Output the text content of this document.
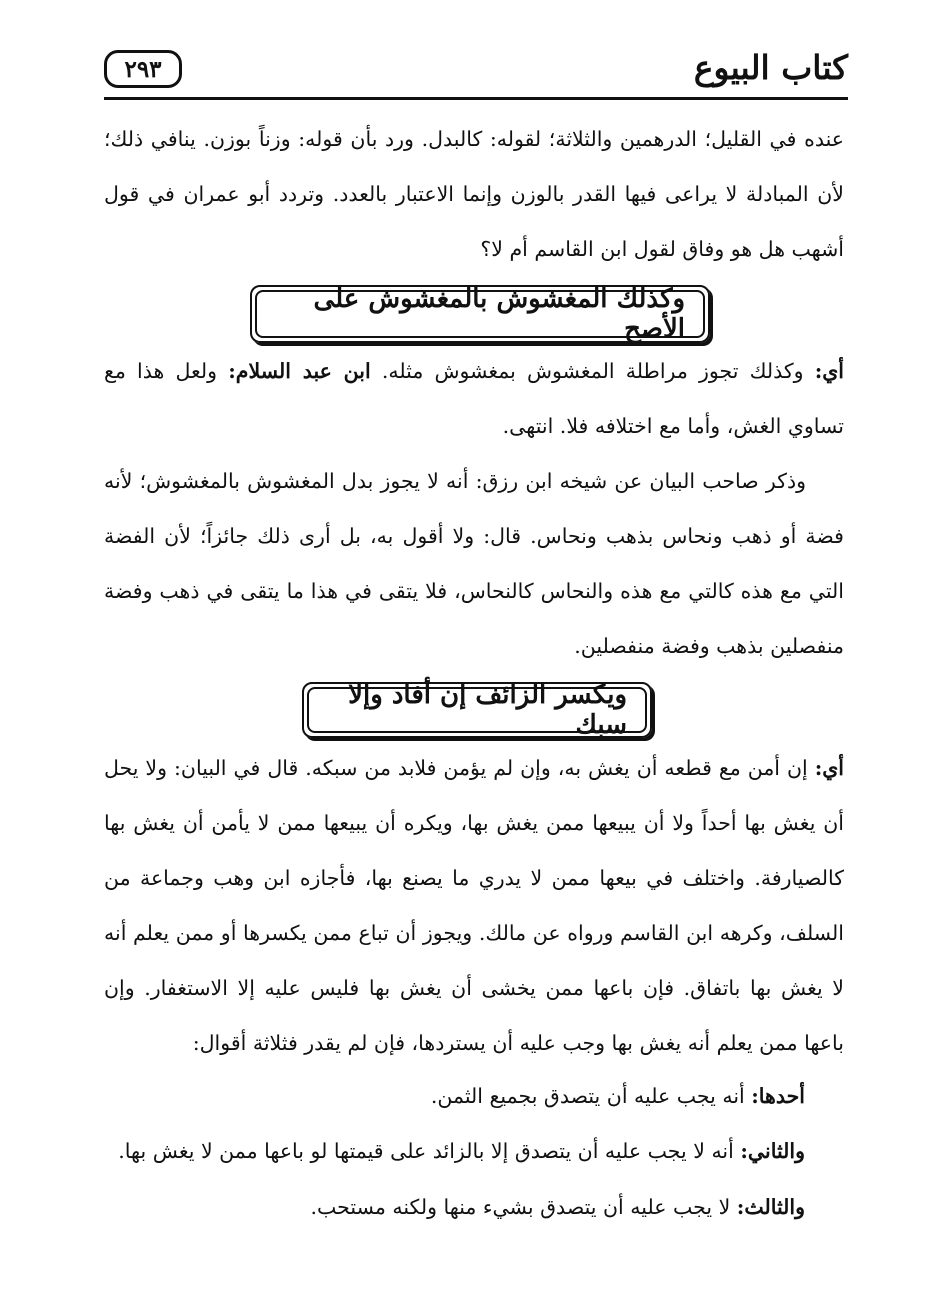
كتاب البيوع
٢٩٣

عنده في القليل؛ الدرهمين والثلاثة؛ لقوله: كالبدل. ورد بأن قوله: وزناً بوزن. ينافي ذلك؛ لأن المبادلة لا يراعى فيها القدر بالوزن وإنما الاعتبار بالعدد. وتردد أبو عمران في قول أشهب هل هو وفاق لقول ابن القاسم أم لا؟

وكذلك المغشوش بالمغشوش على الأصح

أي: وكذلك تجوز مراطلة المغشوش بمغشوش مثله. ابن عبد السلام: ولعل هذا مع تساوي الغش، وأما مع اختلافه فلا. انتهى.

وذكر صاحب البيان عن شيخه ابن رزق: أنه لا يجوز بدل المغشوش بالمغشوش؛ لأنه فضة أو ذهب ونحاس بذهب ونحاس. قال: ولا أقول به، بل أرى ذلك جائزاً؛ لأن الفضة التي مع هذه كالتي مع هذه والنحاس كالنحاس، فلا يتقى في هذا ما يتقى في ذهب وفضة منفصلين بذهب وفضة منفصلين.

ويكسر الزائف إن أفاد وإلا سبك

أي: إن أمن مع قطعه أن يغش به، وإن لم يؤمن فلابد من سبكه. قال في البيان: ولا يحل أن يغش بها أحداً ولا أن يبيعها ممن يغش بها، ويكره أن يبيعها ممن لا يأمن أن يغش بها كالصيارفة. واختلف في بيعها ممن لا يدري ما يصنع بها، فأجازه ابن وهب وجماعة من السلف، وكرهه ابن القاسم ورواه عن مالك. ويجوز أن تباع ممن يكسرها أو ممن يعلم أنه لا يغش بها باتفاق. فإن باعها ممن يخشى أن يغش بها فليس عليه إلا الاستغفار. وإن باعها ممن يعلم أنه يغش بها وجب عليه أن يستردها، فإن لم يقدر فثلاثة أقوال:

أحدها: أنه يجب عليه أن يتصدق بجميع الثمن.
والثاني: أنه لا يجب عليه أن يتصدق إلا بالزائد على قيمتها لو باعها ممن لا يغش بها.
والثالث: لا يجب عليه أن يتصدق بشيء منها ولكنه مستحب.
